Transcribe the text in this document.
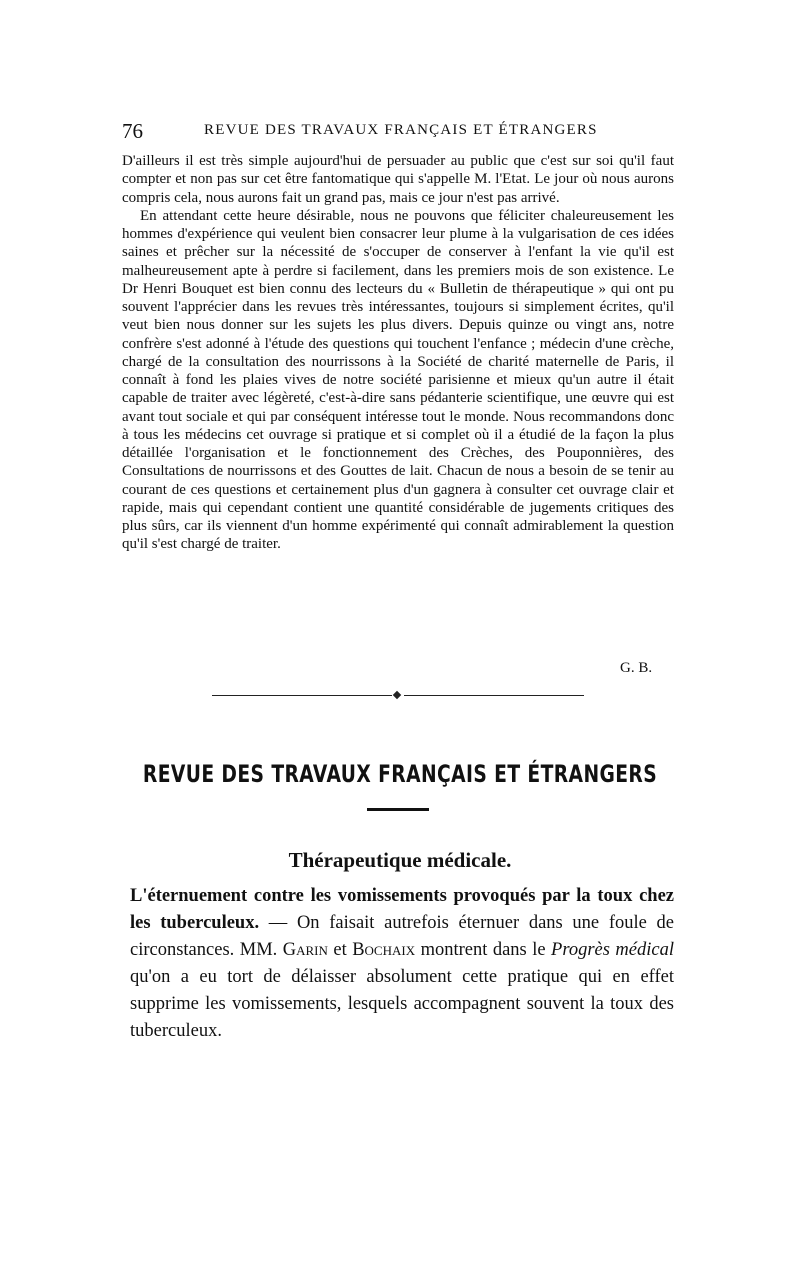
76	REVUE DES TRAVAUX FRANÇAIS ET ÉTRANGERS

D'ailleurs il est très simple aujourd'hui de persuader au public que c'est sur soi qu'il faut compter et non pas sur cet être fantomatique qui s'appelle M. l'Etat. Le jour où nous aurons compris cela, nous aurons fait un grand pas, mais ce jour n'est pas arrivé.

En attendant cette heure désirable, nous ne pouvons que féliciter chaleureusement les hommes d'expérience qui veulent bien consacrer leur plume à la vulgarisation de ces idées saines et prêcher sur la nécessité de s'occuper de conserver à l'enfant la vie qu'il est malheureusement apte à perdre si facilement, dans les premiers mois de son existence. Le Dr Henri Bouquet est bien connu des lecteurs du « Bulletin de thérapeutique » qui ont pu souvent l'apprécier dans les revues très intéressantes, toujours si simplement écrites, qu'il veut bien nous donner sur les sujets les plus divers. Depuis quinze ou vingt ans, notre confrère s'est adonné à l'étude des questions qui touchent l'enfance ; médecin d'une crèche, chargé de la consultation des nourrissons à la Société de charité maternelle de Paris, il connaît à fond les plaies vives de notre société parisienne et mieux qu'un autre il était capable de traiter avec légèreté, c'est-à-dire sans pédanterie scientifique, une œuvre qui est avant tout sociale et qui par conséquent intéresse tout le monde. Nous recommandons donc à tous les médecins cet ouvrage si pratique et si complet où il a étudié de la façon la plus détaillée l'organisation et le fonctionnement des Crèches, des Pouponnières, des Consultations de nourrissons et des Gouttes de lait. Chacun de nous a besoin de se tenir au courant de ces questions et certainement plus d'un gagnera à consulter cet ouvrage clair et rapide, mais qui cependant contient une quantité considérable de jugements critiques des plus sûrs, car ils viennent d'un homme expérimenté qui connaît admirablement la question qu'il s'est chargé de traiter.

G. B.
REVUE DES TRAVAUX FRANÇAIS ET ÉTRANGERS
Thérapeutique médicale.
L'éternuement contre les vomissements provoqués par la toux chez les tuberculeux. — On faisait autrefois éternuer dans une foule de circonstances. MM. Garin et Bochaix montrent dans le Progrès médical qu'on a eu tort de délaisser absolument cette pratique qui en effet supprime les vomissements, lesquels accompagnent souvent la toux des tuberculeux.
